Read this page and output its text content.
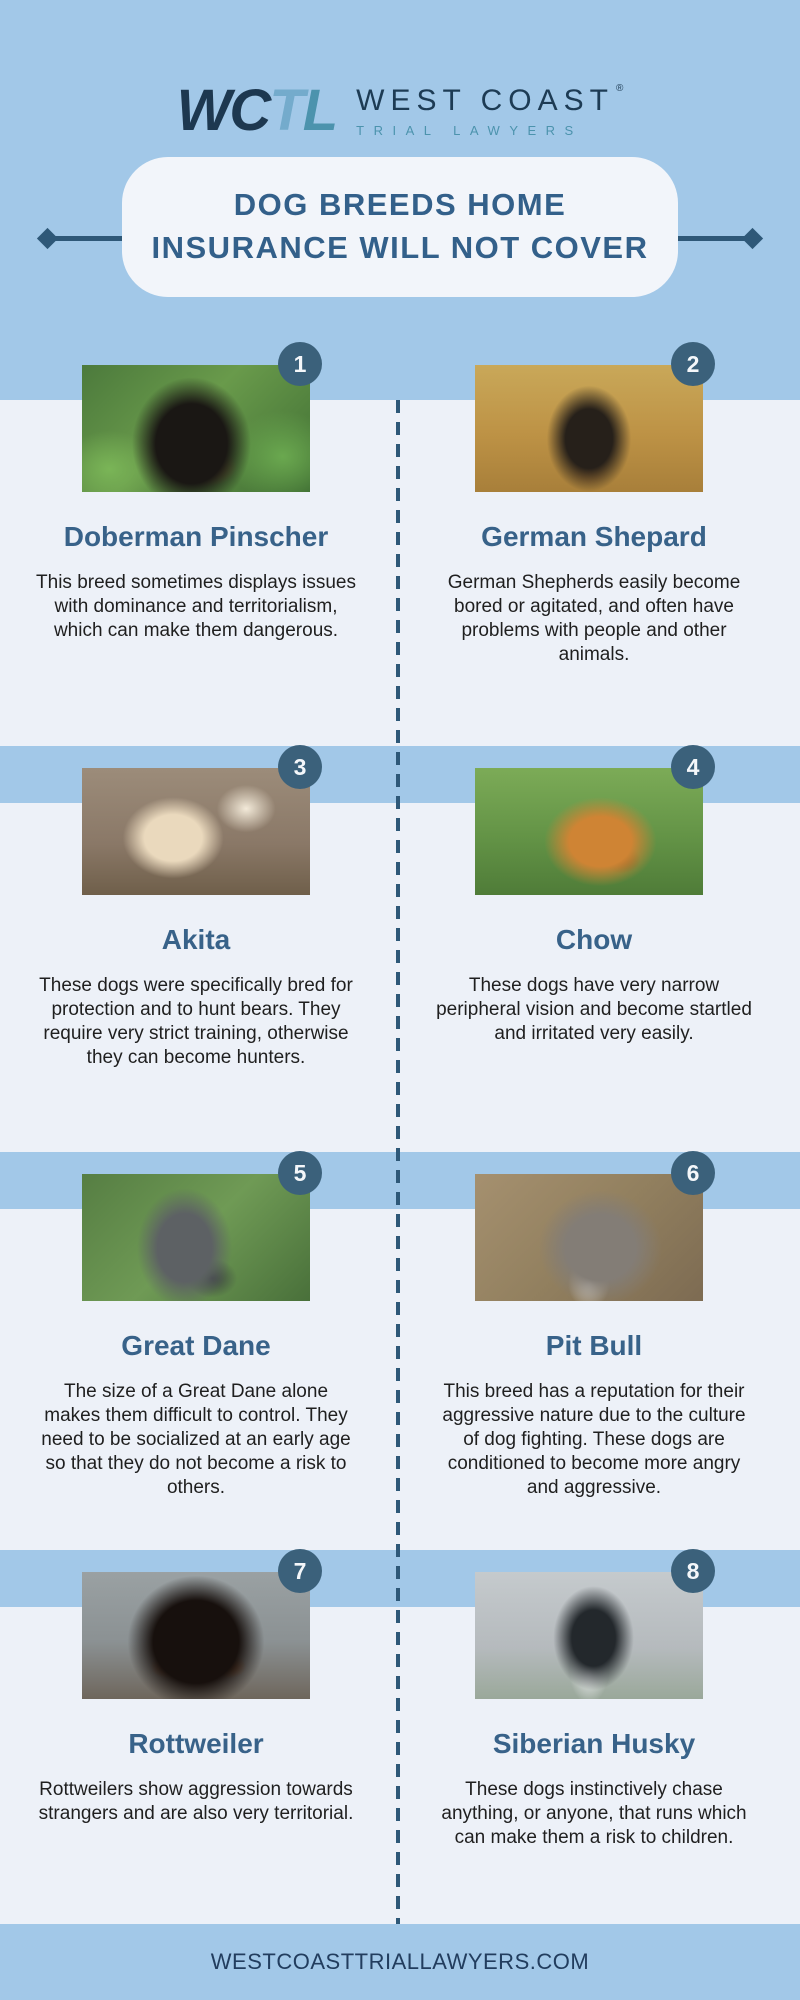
WCTL WEST COAST®
TRIAL LAWYERS
DOG BREEDS HOME
INSURANCE WILL NOT COVER
1
Doberman Pinscher

This breed sometimes displays issues with dominance and territorialism, which can make them dangerous.

2
German Shepard

German Shepherds easily become bored or agitated, and often have problems with people and other animals.

3
Akita

These dogs were specifically bred for protection and to hunt bears. They require very strict training, otherwise they can become hunters.

4
Chow

These dogs have very narrow peripheral vision and become startled and irritated very easily.

5
Great Dane

The size of a Great Dane alone makes them difficult to control. They need to be socialized at an early age so that they do not become a risk to others.

6
Pit Bull

This breed has a reputation for their aggressive nature due to the culture of dog fighting. These dogs are conditioned to become more angry and aggressive.

7
Rottweiler

Rottweilers show aggression towards strangers and are also very territorial.

8
Siberian Husky

These dogs instinctively chase anything, or anyone, that runs which can make them a risk to children.

WESTCOASTTRIALLAWYERS.COM
